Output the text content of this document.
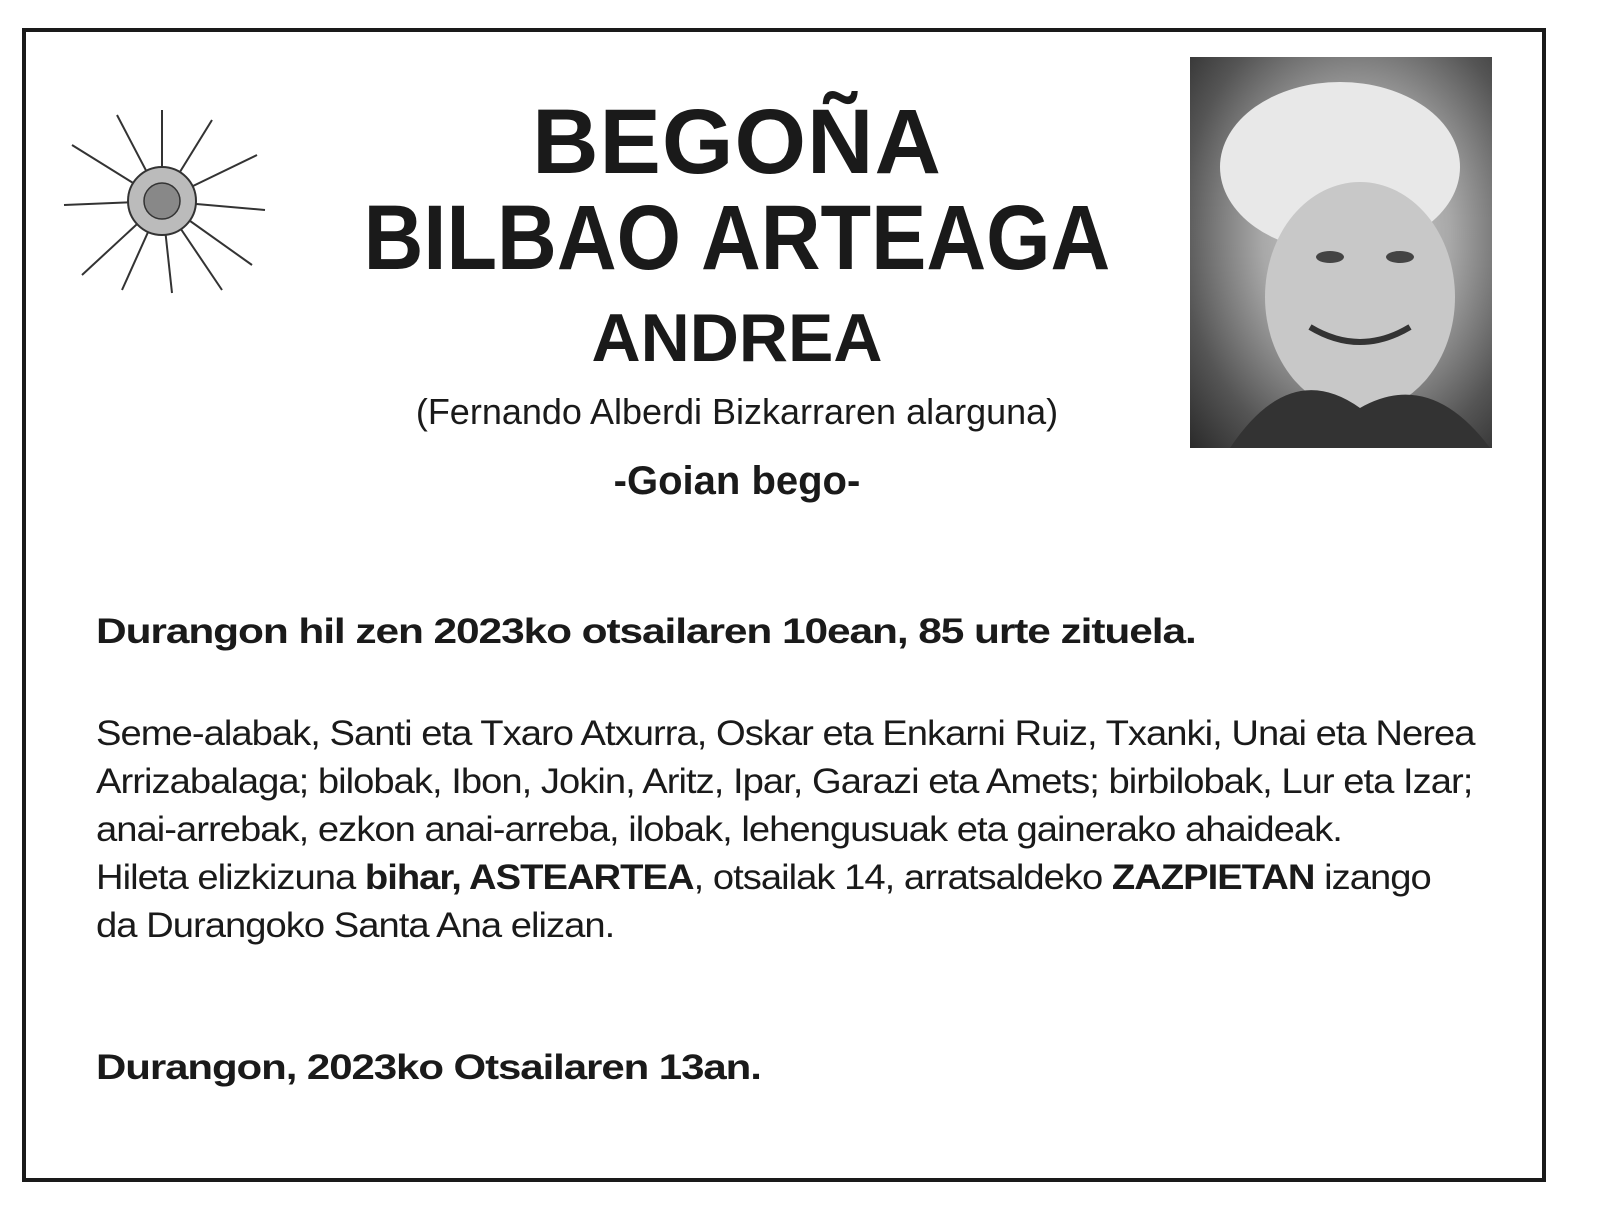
BEGOÑA
BILBAO ARTEAGA
ANDREA
(Fernando Alberdi Bizkarraren alarguna)
-Goian bego-
Durangon hil zen 2023ko otsailaren 10ean, 85 urte zituela.
Seme-alabak, Santi eta Txaro Atxurra, Oskar eta Enkarni Ruiz, Txanki, Unai eta Nerea
Arrizabalaga; bilobak, Ibon, Jokin, Aritz, Ipar, Garazi eta Amets; birbilobak, Lur eta Izar;
anai-arrebak, ezkon anai-arreba, ilobak, lehengusuak eta gainerako ahaideak.
Hileta elizkizuna bihar, ASTEARTEA, otsailak 14, arratsaldeko ZAZPIETAN izango
da Durangoko Santa Ana elizan.
Durangon, 2023ko Otsailaren 13an.
